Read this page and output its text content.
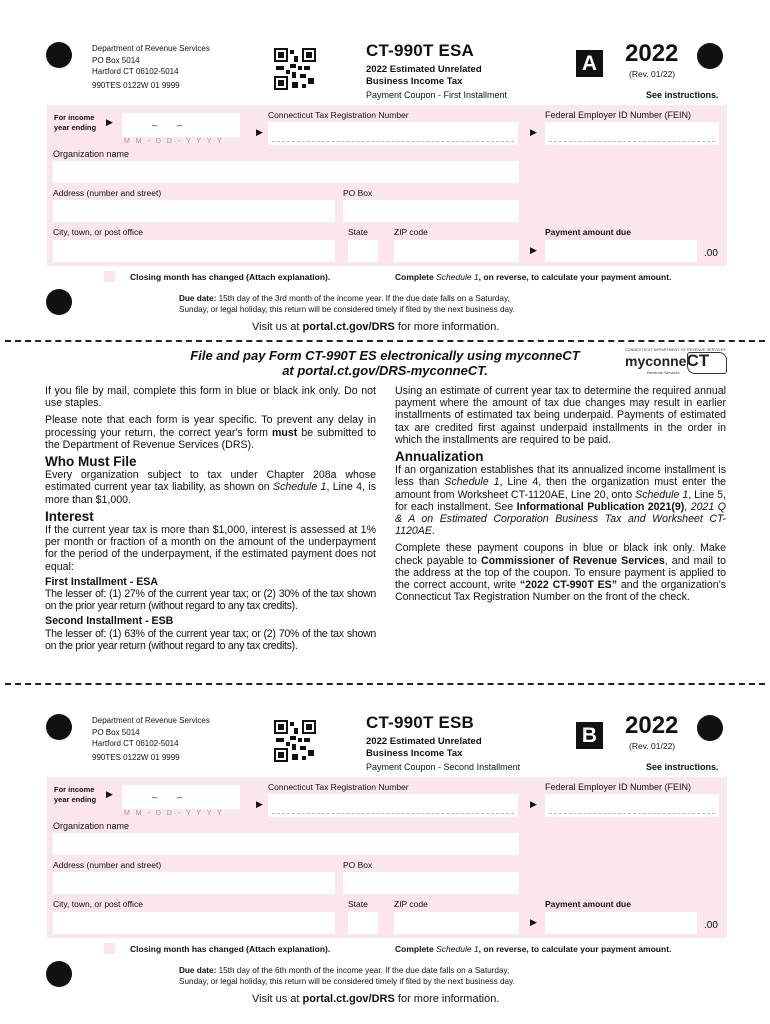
Department of Revenue Services
PO Box 5014
Hartford CT 06102-5014
990TES 0122W 01 9999
CT-990T ESA
2022 Estimated Unrelated
Business Income Tax
Payment Coupon - First Installment
A 2022
(Rev. 01/22)
See instructions.
For income
year ending
▶	–        –
M M - D D - Y Y Y Y
▶
Connecticut Tax Registration Number
▶
Federal Employer ID Number (FEIN)
Organization name
Address (number and street)	PO Box
City, town, or post office	State	ZIP code	Payment amount due
▶	.00
Closing month has changed (Attach explanation).	Complete Schedule 1, on reverse, to calculate your payment amount.
Due date: 15th day of the 3rd month of the income year. If the due date falls on a Saturday,
Sunday, or legal holiday, this return will be considered timely if filed by the next business day.
Visit us at portal.ct.gov/DRS for more information.
File and pay Form CT-990T ES electronically using myconneCT
at portal.ct.gov/DRS-myconneCT.
CONNECTICUT DEPARTMENT OF REVENUE SERVICES
myconneCT
Revenue Services

If you file by mail, complete this form in blue or black ink only. Do not use staples.

Please note that each form is year specific. To prevent any delay in processing your return, the correct year's form must be submitted to the Department of Revenue Services (DRS).

Who Must File

Every organization subject to tax under Chapter 208a whose estimated current year tax liability, as shown on Schedule 1, Line 4, is more than $1,000.

Interest

If the current year tax is more than $1,000, interest is assessed at 1% per month or fraction of a month on the amount of the underpayment for the period of the underpayment, if the estimated payment does not equal:

First Installment - ESA

The lesser of: (1) 27% of the current year tax; or (2) 30% of the tax shown on the prior year return (without regard to any tax credits).

Second Installment - ESB

The lesser of: (1) 63% of the current year tax; or (2) 70% of the tax shown on the prior year return (without regard to any tax credits).

Using an estimate of current year tax to determine the required annual payment where the amount of tax due changes may result in earlier installments of estimated tax being underpaid. Payments of estimated tax are credited first against underpaid installments in the order in which the installments are required to be paid.

Annualization

If an organization establishes that its annualized income installment is less than Schedule 1, Line 4, then the organization must enter the amount from Worksheet CT-1120AE, Line 20, onto Schedule 1, Line 5, for each installment. See Informational Publication 2021(9), 2021 Q & A on Estimated Corporation Business Tax and Worksheet CT-1120AE.

Complete these payment coupons in blue or black ink only. Make check payable to Commissioner of Revenue Services, and mail to the address at the top of the coupon. To ensure payment is applied to the correct account, write “2022 CT-990T ES” and the organization's Connecticut Tax Registration Number on the front of the check.

Department of Revenue Services
PO Box 5014
Hartford CT 06102-5014
990TES 0122W 01 9999
CT-990T ESB
2022 Estimated Unrelated
Business Income Tax
Payment Coupon - Second Installment
B 2022
(Rev. 01/22)
See instructions.
For income
year ending
▶	–        –
M M - D D - Y Y Y Y
▶
Connecticut Tax Registration Number
▶
Federal Employer ID Number (FEIN)
Organization name
Address (number and street)	PO Box
City, town, or post office	State	ZIP code	Payment amount due
▶	.00
Closing month has changed (Attach explanation).	Complete Schedule 1, on reverse, to calculate your payment amount.
Due date: 15th day of the 6th month of the income year. If the due date falls on a Saturday,
Sunday, or legal holiday, this return will be considered timely if filed by the next business day.
Visit us at portal.ct.gov/DRS for more information.
